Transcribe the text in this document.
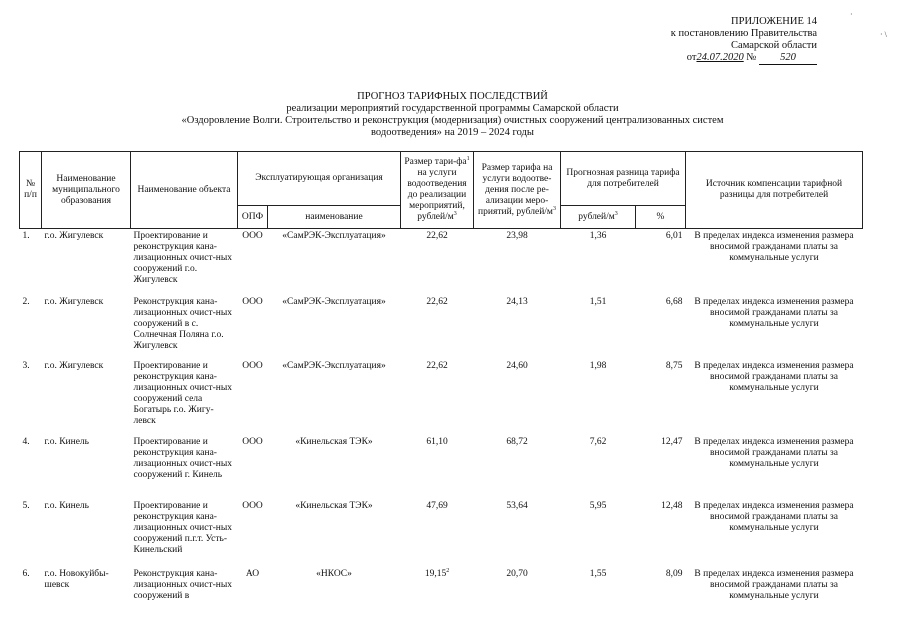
ПРИЛОЖЕНИЕ 14
к постановлению Правительства
Самарской области
от24.07.2020 № 520
·
· \
ПРОГНОЗ ТАРИФНЫХ ПОСЛЕДСТВИЙ
реализации мероприятий государственной программы Самарской области
«Оздоровление Волги. Строительство и реконструкция (модернизация) очистных сооружений централизованных систем
водоотведения» на 2019 – 2024 годы
№ п/п	Наименование муниципального образования	Наименование объекта	Эксплуатирующая организация		Размер тари-$фа^1$ на услуги водоотведения до реализации мероприятий, рублей/$м^3$	Размер тарифа на услуги водоотве-дения после ре-ализации меро-приятий, рублей/$м^3$	Прогнозная разница тарифа для потребителей		Источник компенсации тарифной разницы для потребителей
			ОПФ	наименование			рублей/$м^3$	%	
1.	г.о. Жигулевск	Проектирование и реконструкция кана-лизационных очист-ных сооружений г.о. Жигулевск	ООО	«СамРЭК-Эксплуатация»	22,62	23,98	1,36	6,01	В пределах индекса изменения размера вносимой гражданами платы за коммунальные услуги
2.	г.о. Жигулевск	Реконструкция кана-лизационных очист-ных сооружений в с. Солнечная Поляна г.о. Жигулевск	ООО	«СамРЭК-Эксплуатация»	22,62	24,13	1,51	6,68	В пределах индекса изменения размера вносимой гражданами платы за коммунальные услуги
3.	г.о. Жигулевск	Проектирование и реконструкция кана-лизационных очист-ных сооружений села Богатырь г.о. Жигу-левск	ООО	«СамРЭК-Эксплуатация»	22,62	24,60	1,98	8,75	В пределах индекса изменения размера вносимой гражданами платы за коммунальные услуги
4.	г.о. Кинель	Проектирование и реконструкция кана-лизационных очист-ных сооружений г. Кинель	ООО	«Кинельская ТЭК»	61,10	68,72	7,62	12,47	В пределах индекса изменения размера вносимой гражданами платы за коммунальные услуги
5.	г.о. Кинель	Проектирование и реконструкция кана-лизационных очист-ных сооружений п.г.т. Усть-Кинельский	ООО	«Кинельская ТЭК»	47,69	53,64	5,95	12,48	В пределах индекса изменения размера вносимой гражданами платы за коммунальные услуги
6.	г.о. Новокуйбы-шевск	Реконструкция кана-лизационных очист-ных сооружений в	АО	«НКОС»	19,15$^2$	20,70	1,55	8,09	В пределах индекса изменения размера вносимой гражданами платы за коммунальные услуги
